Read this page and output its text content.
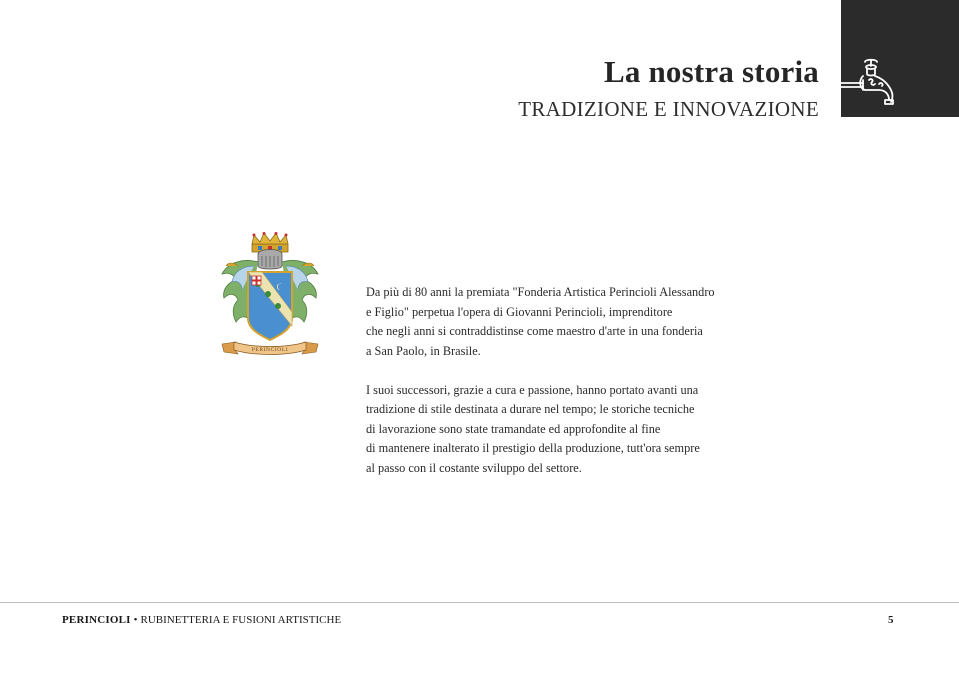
La nostra storia
TRADIZIONE E INNOVAZIONE
PERINCIOLI

Da più di 80 anni la premiata "Fonderia Artistica Perincioli Alessandro
e Figlio" perpetua l'opera di Giovanni Perincioli, imprenditore
che negli anni si contraddistinse come maestro d'arte in una fonderia
a San Paolo, in Brasile.

I suoi successori, grazie a cura e passione, hanno portato avanti una
tradizione di stile destinata a durare nel tempo; le storiche tecniche
di lavorazione sono state tramandate ed approfondite al fine
di mantenere inalterato il prestigio della produzione, tutt'ora sempre
al passo con il costante sviluppo del settore.

PERINCIOLI • RUBINETTERIA E FUSIONI ARTISTICHE	5
